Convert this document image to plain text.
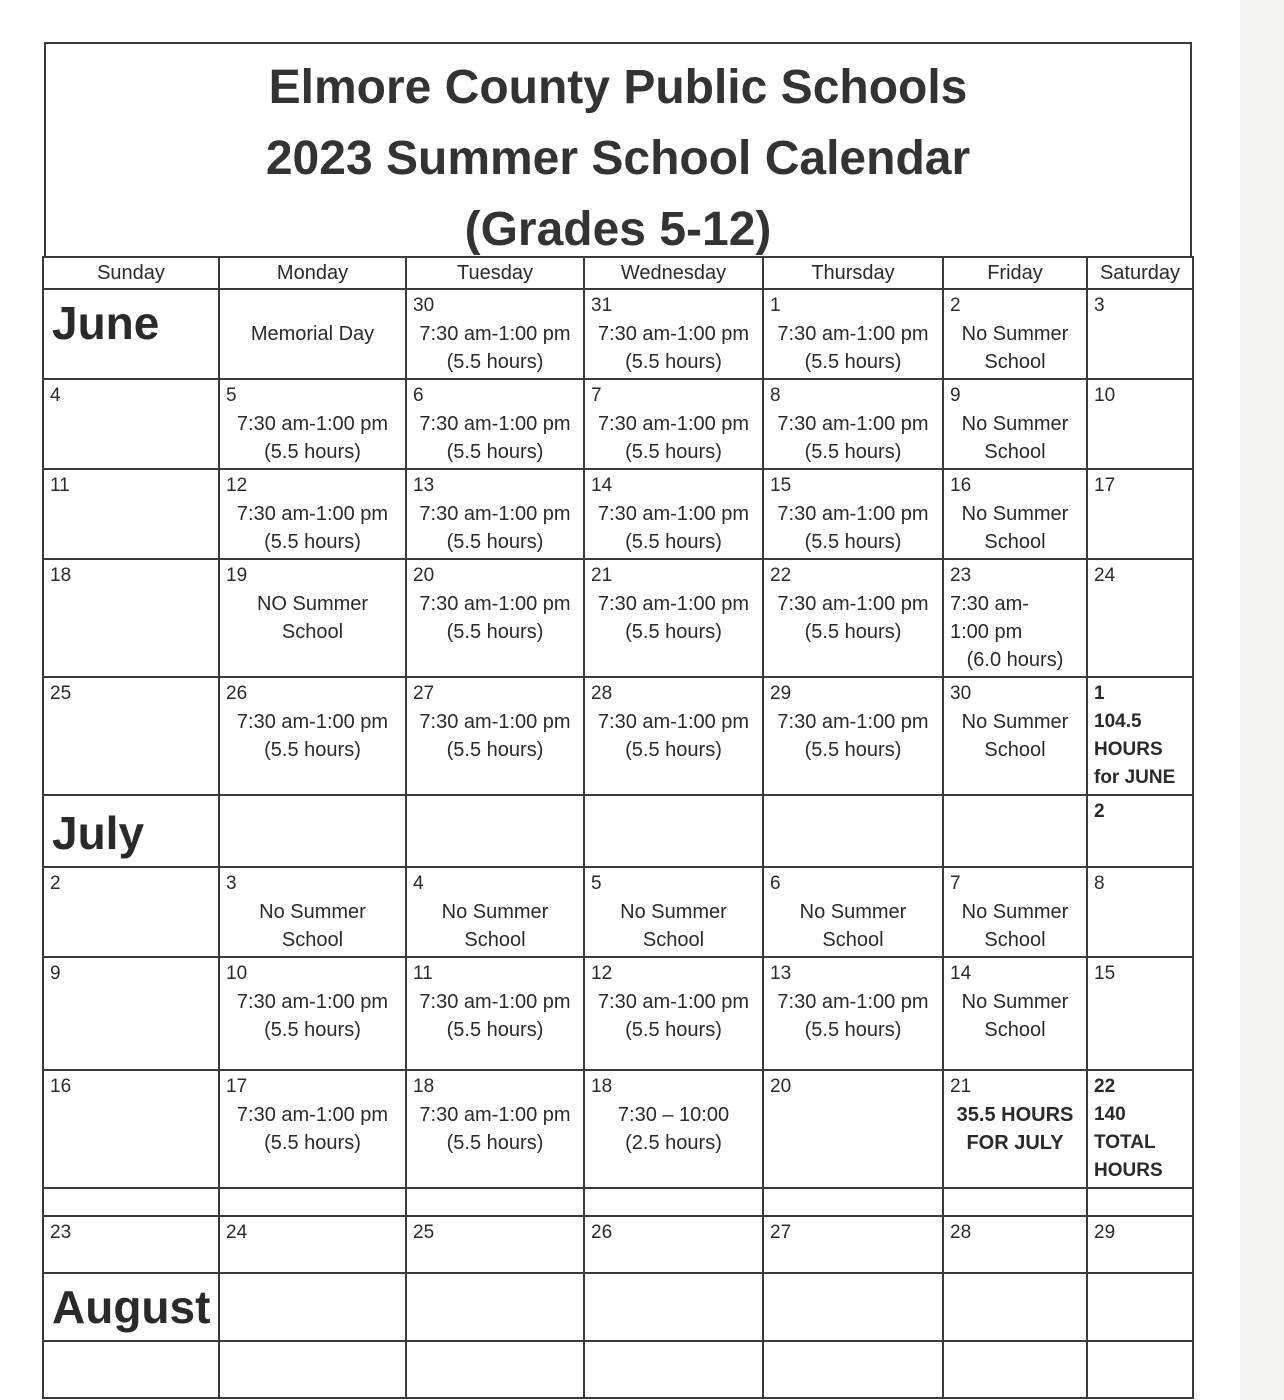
Elmore County Public Schools
2023 Summer School Calendar
(Grades 5-12)
Sunday	Monday	Tuesday	Wednesday	Thursday	Friday	Saturday

June	Memorial Day	30
7:30 am-1:00 pm
(5.5 hours)	31
7:30 am-1:00 pm
(5.5 hours)	1
7:30 am-1:00 pm
(5.5 hours)	2
No Summer
School	3

4	5
7:30 am-1:00 pm
(5.5 hours)	6
7:30 am-1:00 pm
(5.5 hours)	7
7:30 am-1:00 pm
(5.5 hours)	8
7:30 am-1:00 pm
(5.5 hours)	9
No Summer
School	10

11	12
7:30 am-1:00 pm
(5.5 hours)	13
7:30 am-1:00 pm
(5.5 hours)	14
7:30 am-1:00 pm
(5.5 hours)	15
7:30 am-1:00 pm
(5.5 hours)	16
No Summer
School	17

18	19
NO Summer
School	20
7:30 am-1:00 pm
(5.5 hours)	21
7:30 am-1:00 pm
(5.5 hours)	22
7:30 am-1:00 pm
(5.5 hours)	23
7:30 am-
1:00 pm
(6.0 hours)	24

25	26
7:30 am-1:00 pm
(5.5 hours)	27
7:30 am-1:00 pm
(5.5 hours)	28
7:30 am-1:00 pm
(5.5 hours)	29
7:30 am-1:00 pm
(5.5 hours)	30
No Summer
School	1
104.5
HOURS
for JUNE

July						2

2	3
No Summer
School	4
No Summer
School	5
No Summer
School	6
No Summer
School	7
No Summer
School	8

9	10
7:30 am-1:00 pm
(5.5 hours)	11
7:30 am-1:00 pm
(5.5 hours)	12
7:30 am-1:00 pm
(5.5 hours)	13
7:30 am-1:00 pm
(5.5 hours)	14
No Summer
School	15

16	17
7:30 am-1:00 pm
(5.5 hours)	18
7:30 am-1:00 pm
(5.5 hours)	18
7:30 – 10:00
(2.5 hours)	20	21
35.5 HOURS
FOR JULY	22
140
TOTAL
HOURS

23	24	25	26	27	28	29

August						
